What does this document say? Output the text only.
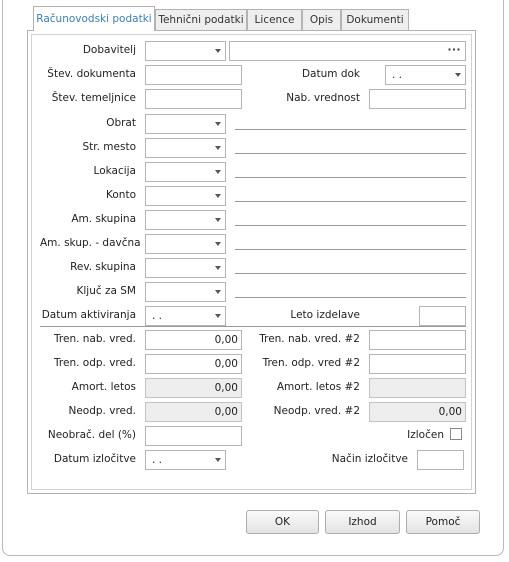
Računovodski podatki Tehnični podatki	Licence	Opis	Dokumenti
Dobavitelj	···
Štev. dokumenta	Datum dok	. .
Štev. temeljnice	Nab. vrednost
Obrat
Str. mesto
Lokacija
Konto
Am. skupina
Am. skup. - davčna
Rev. skupina
Ključ za SM
Datum aktiviranja	. .	Leto izdelave
Tren. nab. vred.	0,00	Tren. nab. vred. #2
Tren. odp. vred.	0,00	Tren. odp. vred #2
Amort. letos	0,00	Amort. letos #2
Neodp. vred.	0,00	Neodp. vred. #2	0,00
Neobrač. del (%)	Izločen
Datum izločitve	. .	Način izločitve
OK	Izhod	Pomoč
